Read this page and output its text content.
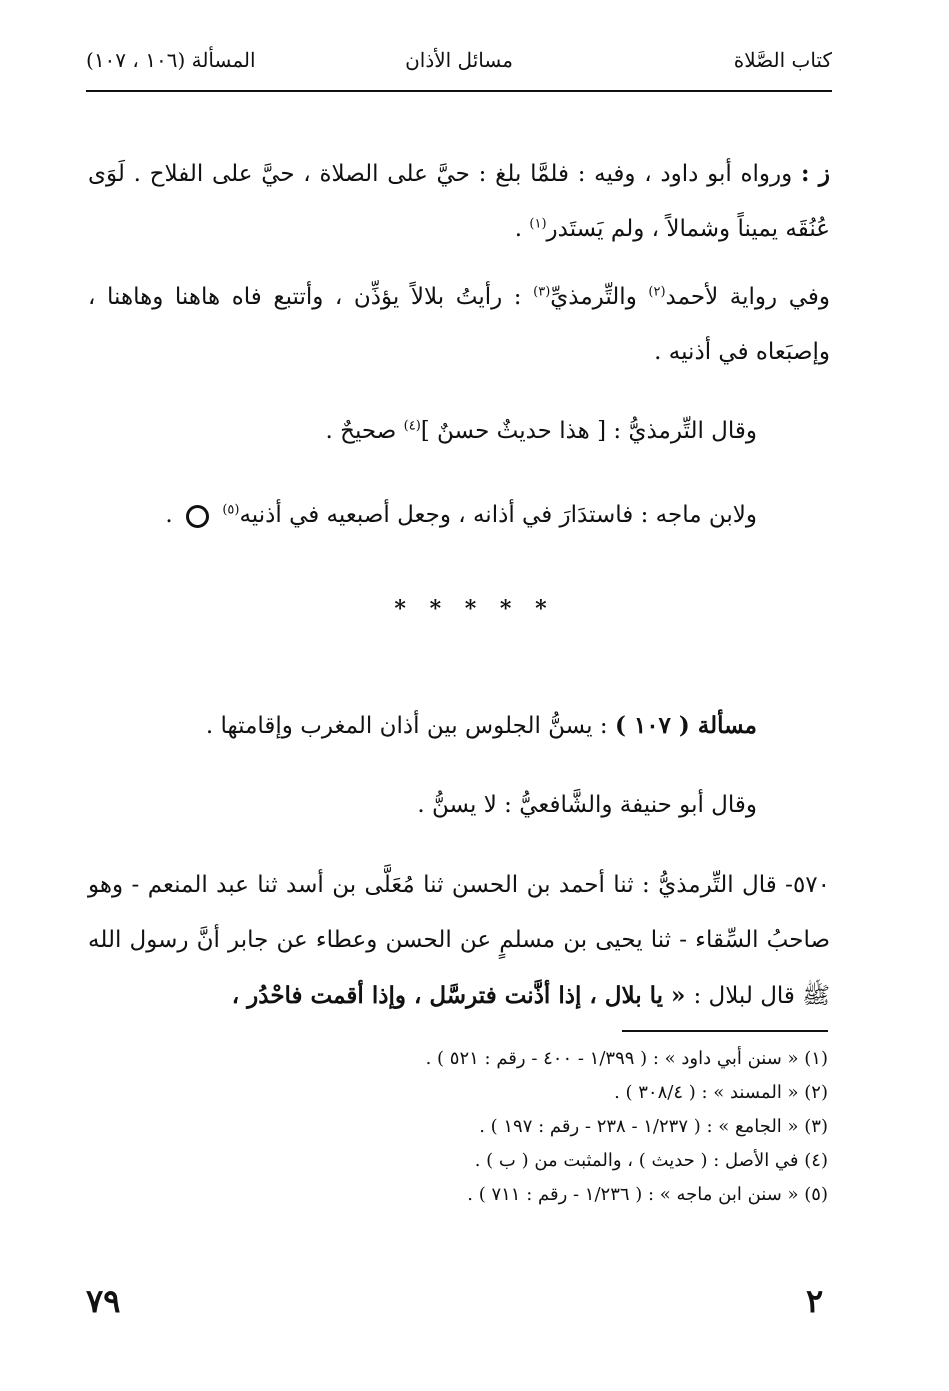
كتاب الصَّلاة
مسائل الأذان
المسألة (١٠٦ ، ١٠٧)

ز : ورواه أبو داود ، وفيه : فلمَّا بلغ : حيَّ على الصلاة ، حيَّ على الفلاح . لَوَى عُنُقَه يميناً وشمالاً ، ولم يَستَدر$^{(١)}$ .

وفي رواية لأحمد$^{(٢)}$ والتِّرمذيِّ$^{(٣)}$ : رأيتُ بلالاً يؤذِّن ، وأتتبع فاه هاهنا وهاهنا ، وإصبَعاه في أذنيه .

وقال التِّرمذيُّ : [ هذا حديثٌ حسنٌ ]$^{(٤)}$ صحيحٌ .

ولابن ماجه : فاستدَارَ في أذانه ، وجعل أصبعيه في أذنيه$^{(٥)}$  .

* * * * *

مسألة ( ١٠٧ ) : يسنُّ الجلوس بين أذان المغرب وإقامتها .

وقال أبو حنيفة والشَّافعيُّ : لا يسنُّ .

٥٧٠- قال التِّرمذيُّ : ثنا أحمد بن الحسن ثنا مُعَلَّى بن أسد ثنا عبد المنعم - وهو صاحبُ السِّقاء - ثنا يحيى بن مسلمٍ عن الحسن وعطاء عن جابر أنَّ رسول الله ﷺ قال لبلال : « يا بلال ، إذا أذَّنت فترسَّل ، وإذا أقمت فاحْدُر ،

(١) « سنن أبي داود » : ( ١/٣٩٩ - ٤٠٠ - رقم : ٥٢١ ) .
(٢) « المسند » : ( ٣٠٨/٤ ) .
(٣) « الجامع » : ( ١/٢٣٧ - ٢٣٨ - رقم : ١٩٧ ) .
(٤) في الأصل : ( حديث ) ، والمثبت من ( ب ) .
(٥) « سنن ابن ماجه » : ( ١/٢٣٦ - رقم : ٧١١ ) .
٧٩	٢
